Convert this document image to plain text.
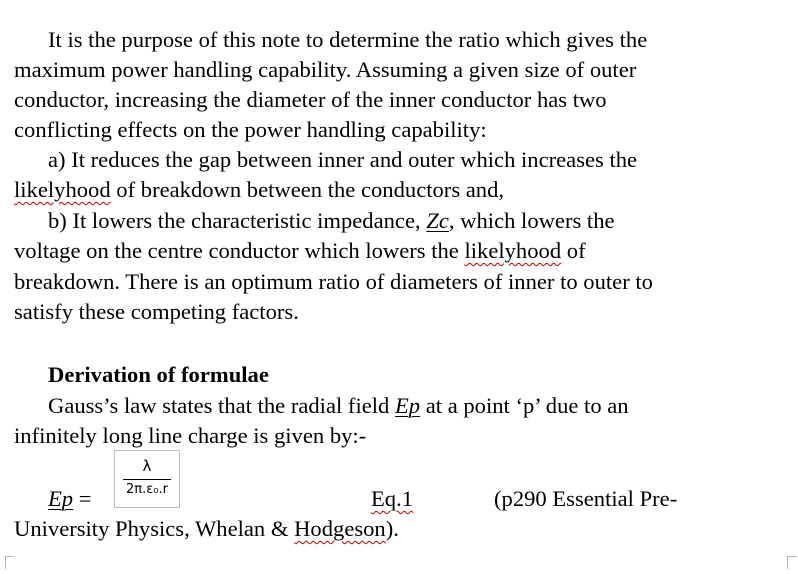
It is the purpose of this note to determine the ratio which gives the
maximum power handling capability. Assuming a given size of outer
conductor, increasing the diameter of the inner conductor has two
conflicting effects on the power handling capability:
a) It reduces the gap between inner and outer which increases the
likelyhood of breakdown between the conductors and,
b) It lowers the characteristic impedance, Zc, which lowers the
voltage on the centre conductor which lowers the likelyhood of
breakdown. There is an optimum ratio of diameters of inner to outer to
satisfy these competing factors.
Derivation of formulae
Gauss’s law states that the radial field Ep at a point ‘p’ due to an
infinitely long line charge is given by:-
Ep =
λ
2π.ε₀.r	Eq.1	(p290 Essential Pre-
University Physics, Whelan & Hodgeson).
